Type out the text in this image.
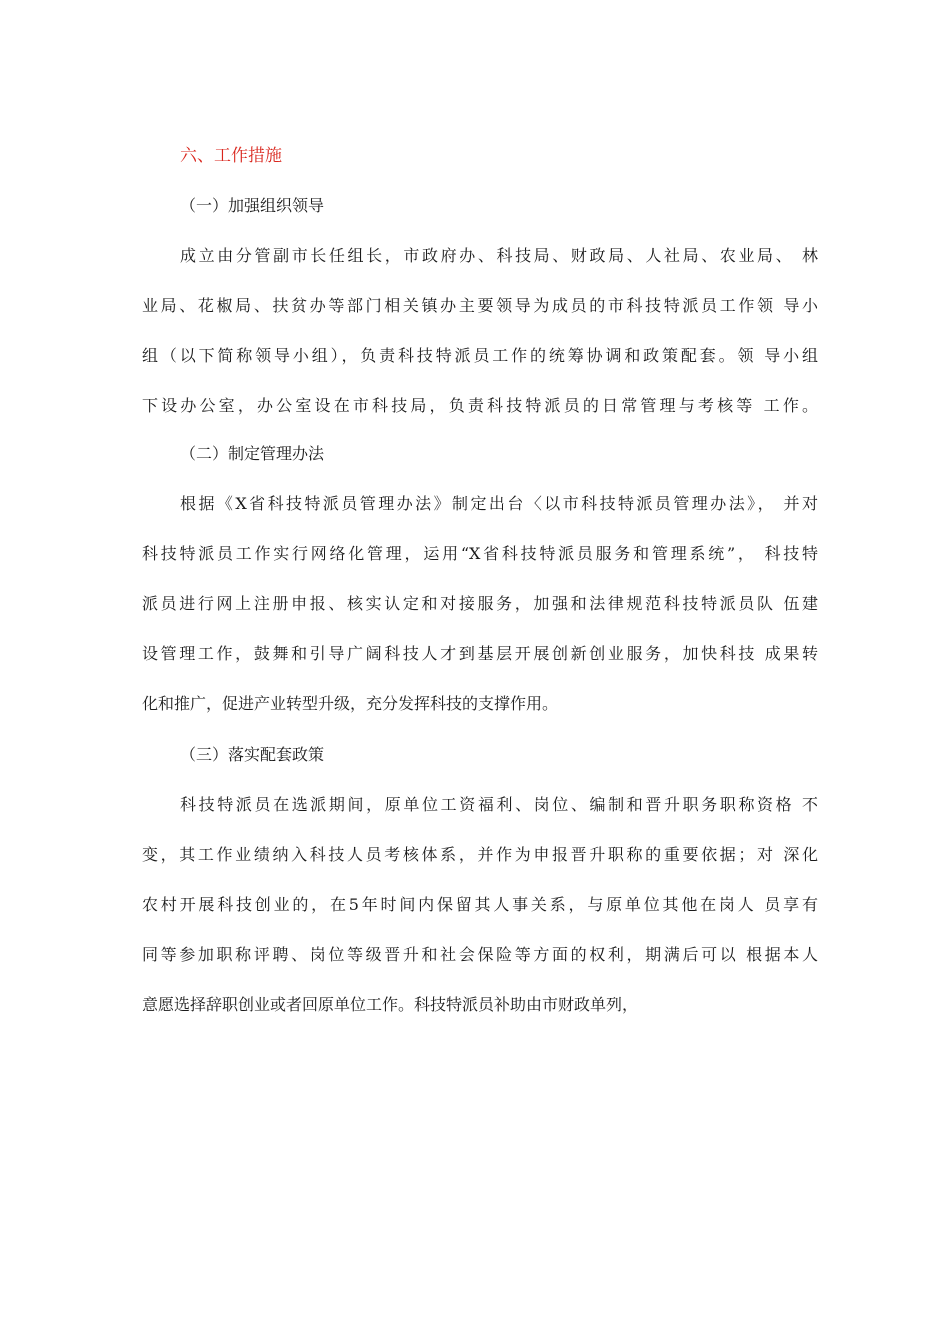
六、工作措施
（一）加强组织领导
成立由分管副市长任组长，市政府办、科技局、财政局、人社局、农业局、 林
业局、花椒局、扶贫办等部门相关镇办主要领导为成员的市科技特派员工作领 导小
组（以下简称领导小组），负责科技特派员工作的统筹协调和政策配套。领 导小组
下设办公室，办公室设在市科技局，负责科技特派员的日常管理与考核等 工作。
（二）制定管理办法
根据《X省科技特派员管理办法》制定出台〈以市科技特派员管理办法》， 并对
科技特派员工作实行网络化管理，运用“X省科技特派员服务和管理系统”， 科技特
派员进行网上注册申报、核实认定和对接服务，加强和法律规范科技特派员队 伍建
设管理工作，鼓舞和引导广阔科技人才到基层开展创新创业服务，加快科技 成果转
化和推广，促进产业转型升级，充分发挥科技的支撑作用。
（三）落实配套政策
科技特派员在选派期间，原单位工资福利、岗位、编制和晋升职务职称资格 不
变，其工作业绩纳入科技人员考核体系，并作为申报晋升职称的重要依据；对 深化
农村开展科技创业的，在5年时间内保留其人事关系，与原单位其他在岗人 员享有
同等参加职称评聘、岗位等级晋升和社会保险等方面的权利，期满后可以 根据本人
意愿选择辞职创业或者回原单位工作。科技特派员补助由市财政单列，
